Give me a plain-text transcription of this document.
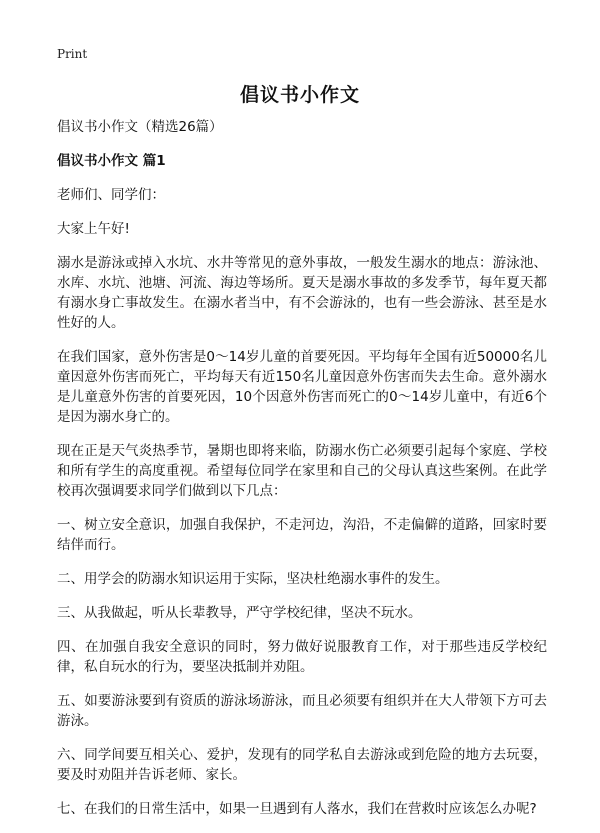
Print
倡议书小作文

倡议书小作文（精选26篇）

倡议书小作文 篇1

老师们、同学们：

大家上午好!

溺水是游泳或掉入水坑、水井等常见的意外事故，一般发生溺水的地点：游泳池、水库、水坑、池塘、河流、海边等场所。夏天是溺水事故的多发季节，每年夏天都有溺水身亡事故发生。在溺水者当中，有不会游泳的，也有一些会游泳、甚至是水性好的人。

在我们国家，意外伤害是0～14岁儿童的首要死因。平均每年全国有近50000名儿童因意外伤害而死亡，平均每天有近150名儿童因意外伤害而失去生命。意外溺水是儿童意外伤害的首要死因，10个因意外伤害而死亡的0～14岁儿童中，有近6个是因为溺水身亡的。

现在正是天气炎热季节，暑期也即将来临，防溺水伤亡必须要引起每个家庭、学校和所有学生的高度重视。希望每位同学在家里和自己的父母认真这些案例。在此学校再次强调要求同学们做到以下几点：

一、树立安全意识，加强自我保护，不走河边，沟沿，不走偏僻的道路，回家时要结伴而行。

二、用学会的防溺水知识运用于实际，坚决杜绝溺水事件的发生。

三、从我做起，听从长辈教导，严守学校纪律，坚决不玩水。

四、在加强自我安全意识的同时，努力做好说服教育工作，对于那些违反学校纪律，私自玩水的行为，要坚决抵制并劝阻。

五、如要游泳要到有资质的游泳场游泳，而且必须要有组织并在大人带领下方可去游泳。

六、同学间要互相关心、爱护，发现有的同学私自去游泳或到危险的地方去玩耍，要及时劝阻并告诉老师、家长。

七、在我们的日常生活中，如果一旦遇到有人落水，我们在营救时应该怎么办呢?
